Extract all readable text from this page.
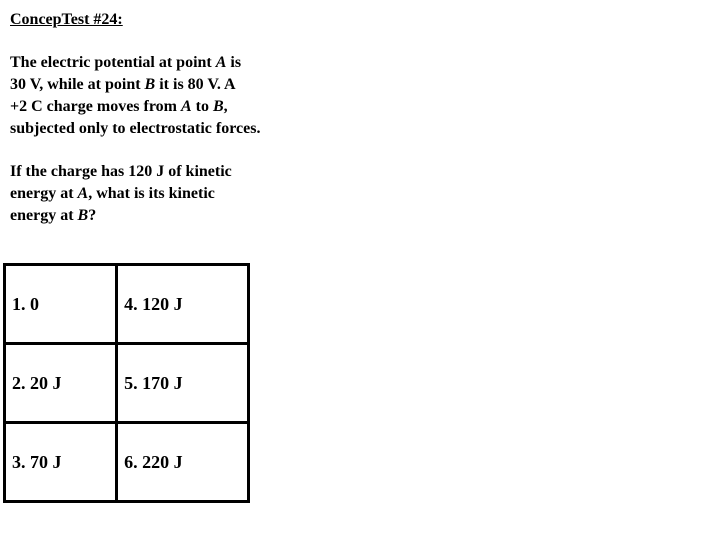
ConcepTest #24:
The electric potential at point A is
30 V, while at point B it is 80 V. A
+2 C charge moves from A to B,
subjected only to electrostatic forces.
If the charge has 120 J of kinetic
energy at A, what is its kinetic
energy at B?
1. 0	4. 120 J
2. 20 J	5. 170 J
3. 70 J	6. 220 J
